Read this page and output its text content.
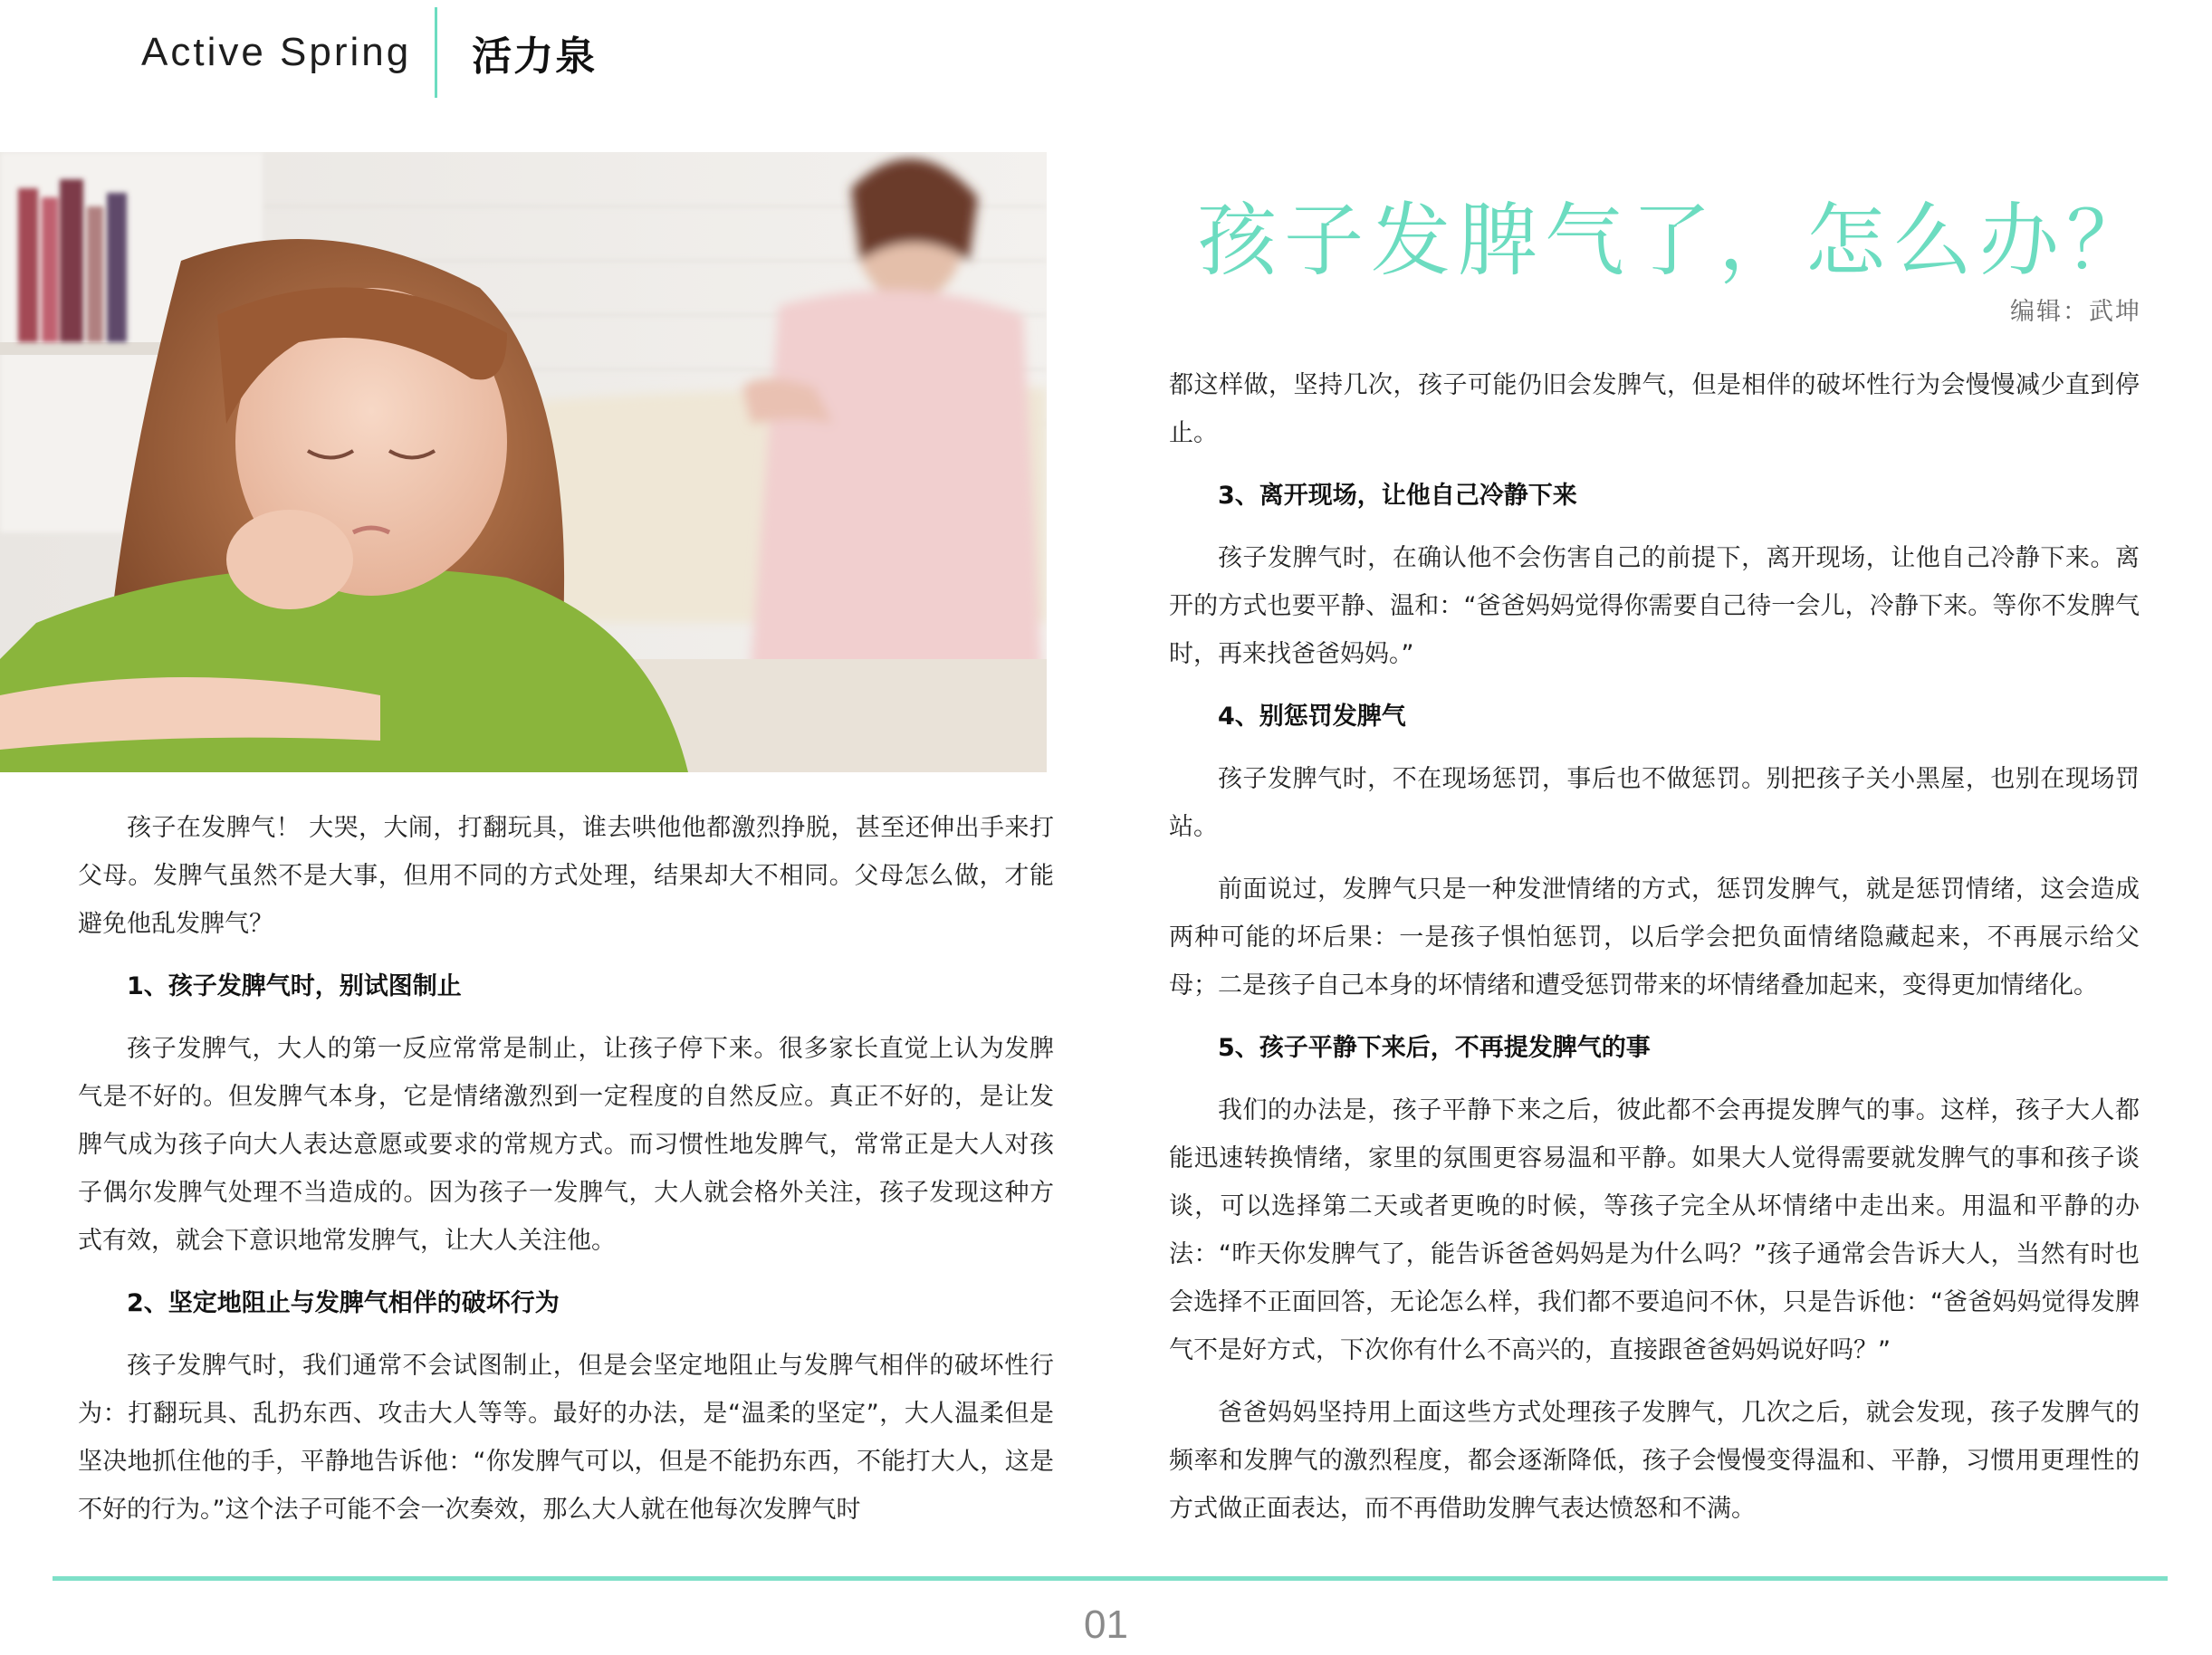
Active Spring 活力泉
孩子发脾气了，怎么办？
编辑：武坤

孩子在发脾气！ 大哭，大闹，打翻玩具，谁去哄他他都激烈挣脱，甚至还伸出手来打父母。发脾气虽然不是大事，但用不同的方式处理，结果却大不相同。父母怎么做，才能避免他乱发脾气？

1、孩子发脾气时，别试图制止

孩子发脾气，大人的第一反应常常是制止，让孩子停下来。很多家长直觉上认为发脾气是不好的。但发脾气本身，它是情绪激烈到一定程度的自然反应。真正不好的，是让发脾气成为孩子向大人表达意愿或要求的常规方式。而习惯性地发脾气，常常正是大人对孩子偶尔发脾气处理不当造成的。因为孩子一发脾气，大人就会格外关注，孩子发现这种方式有效，就会下意识地常发脾气，让大人关注他。

2、坚定地阻止与发脾气相伴的破坏行为

孩子发脾气时，我们通常不会试图制止，但是会坚定地阻止与发脾气相伴的破坏性行为：打翻玩具、乱扔东西、攻击大人等等。最好的办法，是“温柔的坚定”，大人温柔但是坚决地抓住他的手，平静地告诉他：“你发脾气可以，但是不能扔东西，不能打大人，这是不好的行为。”这个法子可能不会一次奏效，那么大人就在他每次发脾气时

都这样做，坚持几次，孩子可能仍旧会发脾气，但是相伴的破坏性行为会慢慢减少直到停止。

3、离开现场，让他自己冷静下来

孩子发脾气时，在确认他不会伤害自己的前提下，离开现场，让他自己冷静下来。离开的方式也要平静、温和：“爸爸妈妈觉得你需要自己待一会儿，冷静下来。等你不发脾气时，再来找爸爸妈妈。”

4、别惩罚发脾气

孩子发脾气时，不在现场惩罚，事后也不做惩罚。别把孩子关小黑屋，也别在现场罚站。

前面说过，发脾气只是一种发泄情绪的方式，惩罚发脾气，就是惩罚情绪，这会造成两种可能的坏后果：一是孩子惧怕惩罚，以后学会把负面情绪隐藏起来，不再展示给父母；二是孩子自己本身的坏情绪和遭受惩罚带来的坏情绪叠加起来，变得更加情绪化。

5、孩子平静下来后，不再提发脾气的事

我们的办法是，孩子平静下来之后，彼此都不会再提发脾气的事。这样，孩子大人都能迅速转换情绪，家里的氛围更容易温和平静。如果大人觉得需要就发脾气的事和孩子谈谈，可以选择第二天或者更晚的时候，等孩子完全从坏情绪中走出来。用温和平静的办法：“昨天你发脾气了，能告诉爸爸妈妈是为什么吗？”孩子通常会告诉大人，当然有时也会选择不正面回答，无论怎么样，我们都不要追问不休，只是告诉他：“爸爸妈妈觉得发脾气不是好方式，下次你有什么不高兴的，直接跟爸爸妈妈说好吗？”

爸爸妈妈坚持用上面这些方式处理孩子发脾气，几次之后，就会发现，孩子发脾气的频率和发脾气的激烈程度，都会逐渐降低，孩子会慢慢变得温和、平静，习惯用更理性的方式做正面表达，而不再借助发脾气表达愤怒和不满。

01
